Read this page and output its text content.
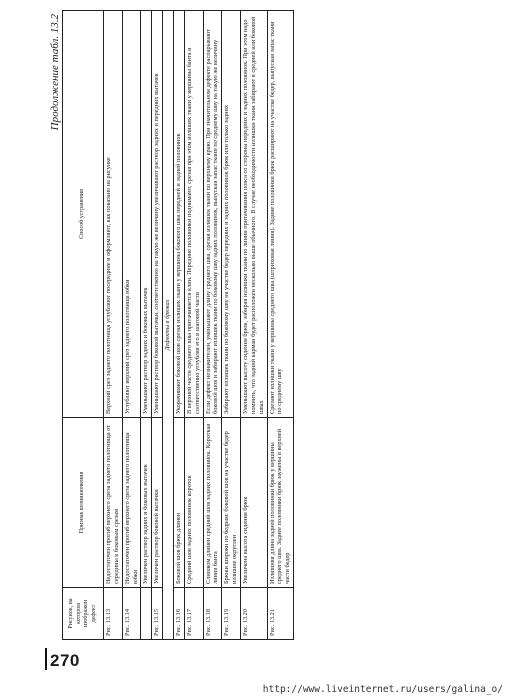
Продолжение табл. 13.2
Рисунок, на котором изображен дефект	Признак возникновения	Способ устранения
Рис. 13.13	Недостаточен прогиб верхнего среза заднего полотнища от середины к боковым срезам	Верхний срез заднего полотнища углубляют посередине и оформляют, как показано на рисунке
Рис. 13.14	Недостаточен прогиб верхнего среза заднего полотнища юбки	Углубляют верхний срез заднего полотнища юбки
	Увеличен раствор задних и боковых вытачек	Уменьшают раствор задних и боковых вытачек
Рис. 13.15	Увеличен раствор боковой вытачки	Уменьшают раствор боковой вытачки, соответственно на такую же величину увеличивают раствор задних и передних вытачек
Дефекты в брюках		
Рис. 13.16	Боковой шов брюк длинен	Укорачивают боковой шов срезая излишек ткани у вершины бокового шва передней и задней половинок
Рис. 13.17	Средний шов задних половинок короток	В верхней части среднего шва притачивается клин. Передние половинки поднимают, срезая при этом излишек ткани у вершины банта и соответственно углубляя его в шаговой части
Рис. 13.18	Слишком длинен средний шов задних половинок. Короткая линия банта	Если дефект незначителен, уменьшают длину среднего шва, срезая излишек ткани по верхнему краю. При значительном дефекте распарывают боковой шов и забирают излишек ткани по боковому шву задних половинок, выпуская запас ткани по среднему шву на такую же величину
Рис. 13.19	Брюки широки по бедрам: боковой шов на участке бедер излишне округлен	Забирают излишек ткани по боковому шву на участке бедер передних и задних половинок брюк или только задних
Рис. 13.20	Увеличена высота сидения брюк	Уменьшают высоту сидения брюк, забирая излишки ткани по линии притачивания пояса со стороны передних и задних половинок. При этом надо помнить, что задний карман будет расположен несколько выше обычного. В случае необходимости излишки ткани забирают в средней или боковой швах
Рис. 13.21	Излишняя длина задней половинки брюк у вершины среднего шва. Заднее половинки брюк заужены в верхней части бедер	Срезают излишки ткани у вершины среднего шва (штриховая линия). Задние половинки брюк расширяют на участке бедер, выпуская запас ткани по среднему шву
270
http://www.liveinternet.ru/users/galina_o/
